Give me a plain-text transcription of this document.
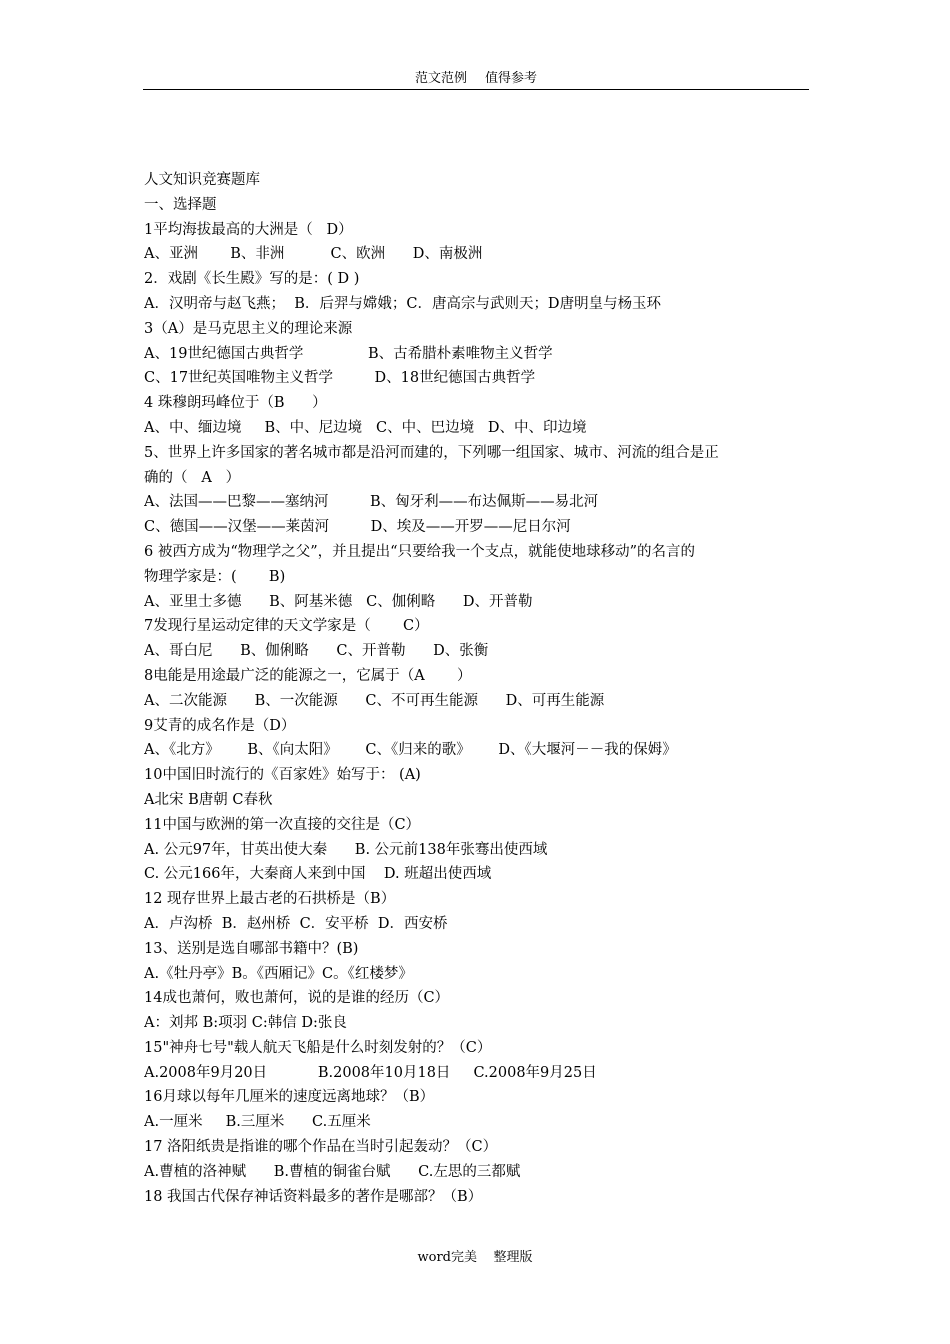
范文范例 值得参考
人文知识竞赛题库
一、选择题
1平均海拔最高的大洲是（   D）
A、亚洲       B、非洲          C、欧洲      D、南极洲
2．戏剧《长生殿》写的是：( D )
A．汉明帝与赵飞燕；  B．后羿与嫦娥；C．唐高宗与武则天；D唐明皇与杨玉环
3（A）是马克思主义的理论来源
A、19世纪德国古典哲学              B、古希腊朴素唯物主义哲学
C、17世纪英国唯物主义哲学         D、18世纪德国古典哲学
4 珠穆朗玛峰位于（B      ）
A、中、缅边境     B、中、尼边境   C、中、巴边境   D、中、印边境
5、世界上许多国家的著名城市都是沿河而建的，下列哪一组国家、城市、河流的组合是正
确的（   A   ）
A、法国——巴黎——塞纳河         B、匈牙利——布达佩斯——易北河
C、德国——汉堡——莱茵河         D、埃及——开罗——尼日尔河
6 被西方成为“物理学之父”，并且提出“只要给我一个支点，就能使地球移动”的名言的
物理学家是：(       B)
A、亚里士多德      B、阿基米德   C、伽俐略      D、开普勒
7发现行星运动定律的天文学家是（       C）
A、哥白尼      B、伽俐略      C、开普勒      D、张衡
8电能是用途最广泛的能源之一，它属于（A       ）
A、二次能源      B、一次能源      C、不可再生能源      D、可再生能源
9艾青的成名作是（D）
A、《北方》      B、《向太阳》      C、《归来的歌》      D、《大堰河－－我的保姆》
10中国旧时流行的《百家姓》始写于： (A)
A北宋 B唐朝 C春秋
11中国与欧洲的第一次直接的交往是（C）
A. 公元97年，甘英出使大秦      B. 公元前138年张骞出使西域
C. 公元166年，大秦商人来到中国    D. 班超出使西域
12 现存世界上最古老的石拱桥是（B）
A．卢沟桥  B．赵州桥  C．安平桥  D．西安桥
13、送别是选自哪部书籍中？(B)
A.《牡丹亭》B。《西厢记》C。《红楼梦》
14成也萧何，败也萧何，说的是谁的经历（C）
A：刘邦 B:项羽 C:韩信 D:张良
15"神舟七号"载人航天飞船是什么时刻发射的？（C）
A.2008年9月20日           B.2008年10月18日     C.2008年9月25日
16月球以每年几厘米的速度远离地球？（B）
A.一厘米     B.三厘米      C.五厘米
17 洛阳纸贵是指谁的哪个作品在当时引起轰动？（C）
A.曹植的洛神赋      B.曹植的铜雀台赋      C.左思的三都赋
18 我国古代保存神话资料最多的著作是哪部？（B）
word完美    整理版
